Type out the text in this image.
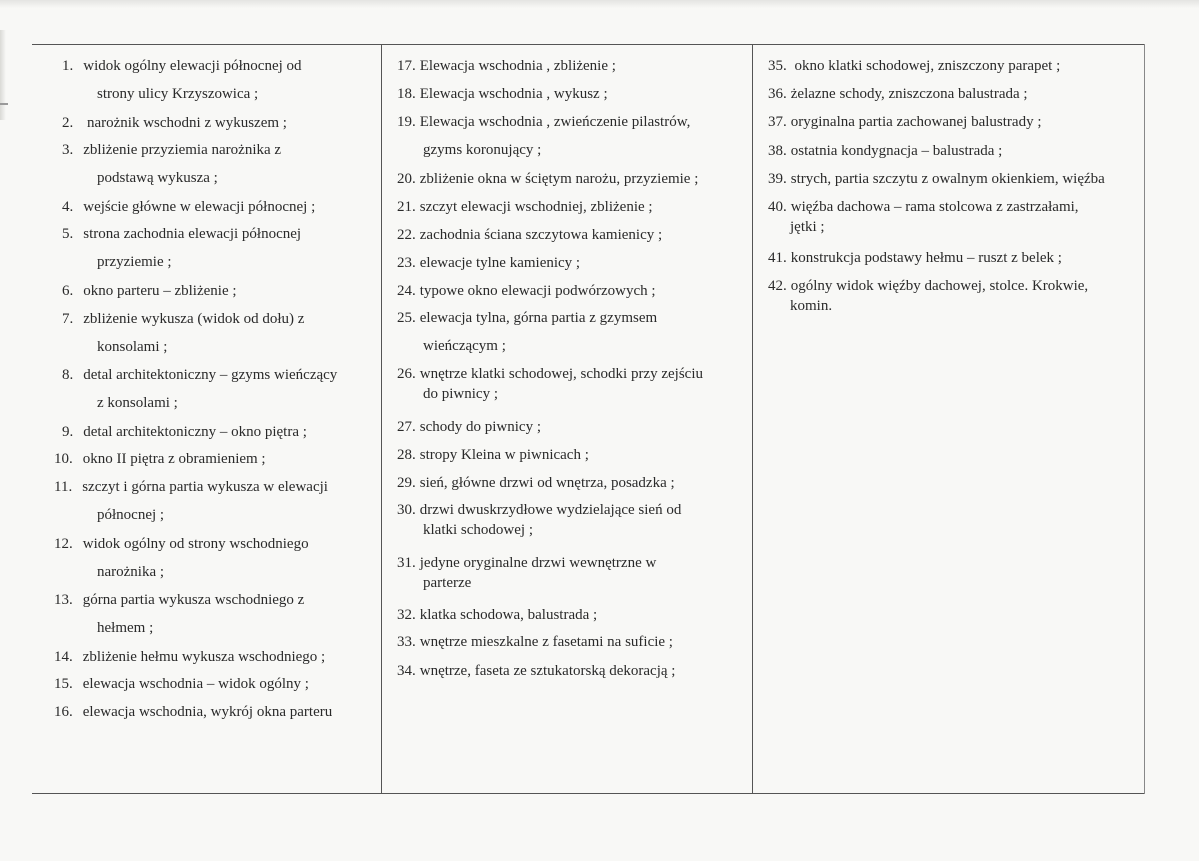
1. widok ogólny elewacji północnej od
strony ulicy Krzyszowica ;
2. narożnik wschodni z wykuszem ;
3. zbliżenie przyziemia narożnika z
podstawą wykusza ;
4. wejście główne w elewacji północnej ;
5. strona zachodnia elewacji północnej
przyziemie ;
6. okno parteru – zbliżenie ;
7. zbliżenie wykusza (widok od dołu) z
konsolami ;
8. detal architektoniczny – gzyms wieńczący
z konsolami ;
9. detal architektoniczny – okno piętra ;
10. okno II piętra z obramieniem ;
11. szczyt i górna partia wykusza w elewacji
północnej ;
12. widok ogólny od strony wschodniego
narożnika ;
13. górna partia wykusza wschodniego z
hełmem ;
14. zbliżenie hełmu wykusza wschodniego ;
15. elewacja wschodnia – widok ogólny ;
16. elewacja wschodnia, wykrój okna parteru
17. Elewacja wschodnia , zbliżenie ;
18. Elewacja wschodnia , wykusz ;
19. Elewacja wschodnia , zwieńczenie pilastrów,
gzyms koronujący ;
20. zbliżenie okna w ściętym narożu, przyziemie ;
21. szczyt elewacji wschodniej, zbliżenie ;
22. zachodnia ściana szczytowa kamienicy ;
23. elewacje tylne kamienicy ;
24. typowe okno elewacji podwórzowych ;
25. elewacja tylna, górna partia z gzymsem
wieńczącym ;
26. wnętrze klatki schodowej, schodki przy zejściu
do piwnicy ;
27. schody do piwnicy ;
28. stropy Kleina w piwnicach ;
29. sień, główne drzwi od wnętrza, posadzka ;
30. drzwi dwuskrzydłowe wydzielające sień od
klatki schodowej ;
31. jedyne oryginalne drzwi wewnętrzne w
parterze
32. klatka schodowa, balustrada ;
33. wnętrze mieszkalne z fasetami na suficie ;
34. wnętrze, faseta ze sztukatorską dekoracją ;
35. okno klatki schodowej, zniszczony parapet ;
36. żelazne schody, zniszczona balustrada ;
37. oryginalna partia zachowanej balustrady ;
38. ostatnia kondygnacja – balustrada ;
39. strych, partia szczytu z owalnym okienkiem, więźba
40. więźba dachowa – rama stolcowa z zastrzałami,
jętki ;
41. konstrukcja podstawy hełmu – ruszt z belek ;
42. ogólny widok więźby dachowej, stolce. Krokwie,
komin.
